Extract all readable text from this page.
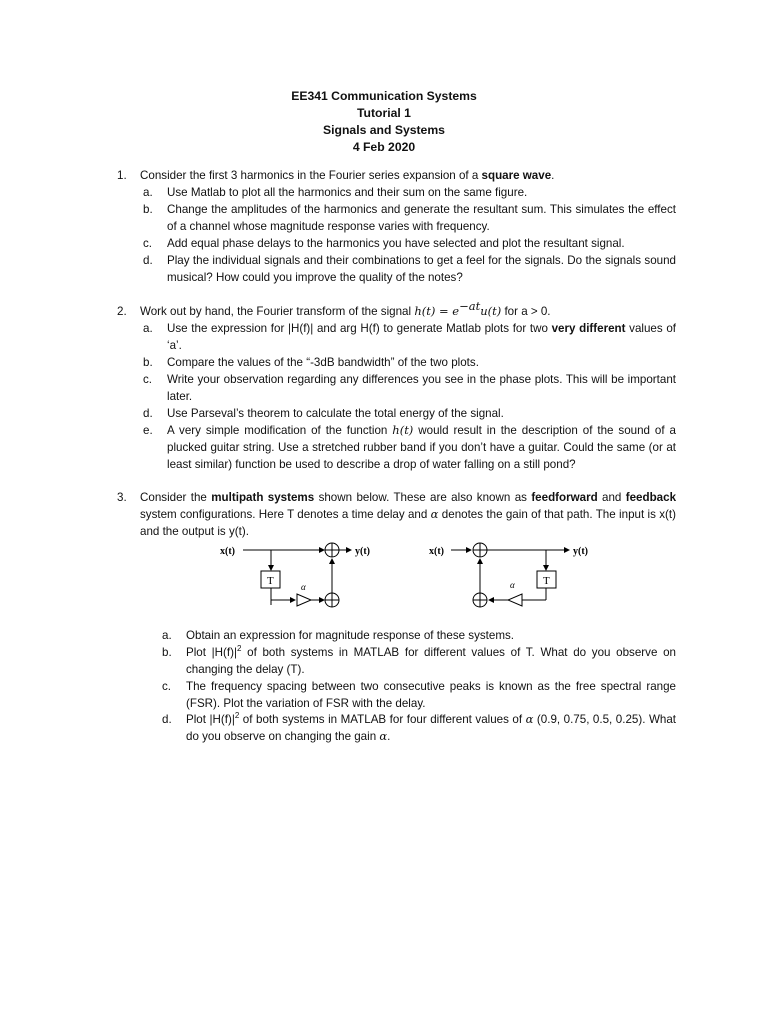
EE341 Communication Systems
Tutorial 1
Signals and Systems
4 Feb 2020
1. Consider the first 3 harmonics in the Fourier series expansion of a square wave.
a. Use Matlab to plot all the harmonics and their sum on the same figure.
b. Change the amplitudes of the harmonics and generate the resultant sum. This simulates the effect of a channel whose magnitude response varies with frequency.
c. Add equal phase delays to the harmonics you have selected and plot the resultant signal.
d. Play the individual signals and their combinations to get a feel for the signals. Do the signals sound musical? How could you improve the quality of the notes?
2. Work out by hand, the Fourier transform of the signal $h(t) = e^{-at}u(t)$ for a > 0.
a. Use the expression for |H(f)| and arg H(f) to generate Matlab plots for two very different values of ‘a’.
b. Compare the values of the “-3dB bandwidth” of the two plots.
c. Write your observation regarding any differences you see in the phase plots. This will be important later.
d. Use Parseval’s theorem to calculate the total energy of the signal.
e. A very simple modification of the function h(t) would result in the description of the sound of a plucked guitar string. Use a stretched rubber band if you don’t have a guitar. Could the same (or at least similar) function be used to describe a drop of water falling on a still pond?
3. Consider the multipath systems shown below. These are also known as feedforward and feedback system configurations. Here T denotes a time delay and α denotes the gain of that path. The input is x(t) and the output is y(t).
x(t)	y(t)
T	α
x(t)	y(t)
T
α
a. Obtain an expression for magnitude response of these systems.
b. Plot $|H(f)|^2$ of both systems in MATLAB for different values of T. What do you observe on changing the delay (T).
c. The frequency spacing between two consecutive peaks is known as the free spectral range (FSR). Plot the variation of FSR with the delay.
d. Plot $|H(f)|^2$ of both systems in MATLAB for four different values of α (0.9, 0.75, 0.5, 0.25). What do you observe on changing the gain α.
